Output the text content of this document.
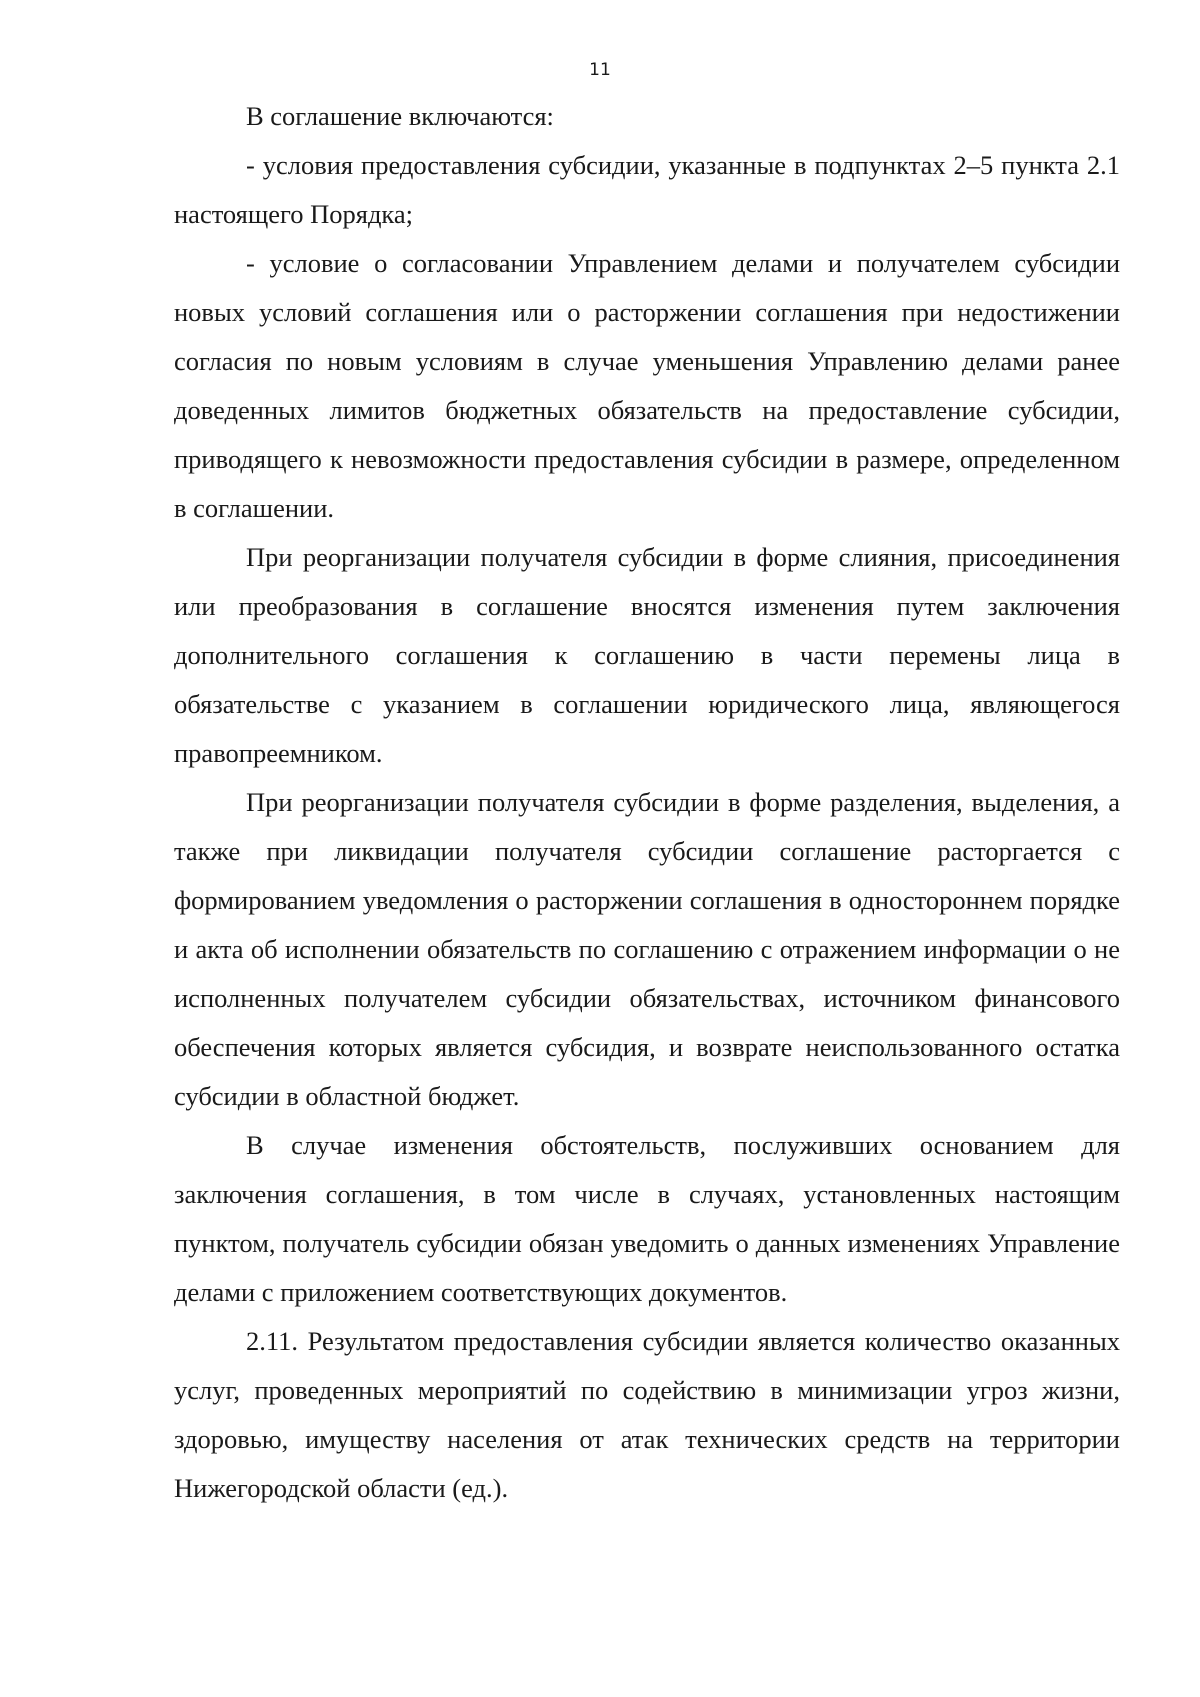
11

В соглашение включаются:

- условия предоставления субсидии, указанные в подпунктах 2–5 пункта 2.1 настоящего Порядка;

- условие о согласовании Управлением делами и получателем субсидии новых условий соглашения или о расторжении соглашения при недостижении согласия по новым условиям в случае уменьшения Управлению делами ранее доведенных лимитов бюджетных обязательств на предоставление субсидии, приводящего к невозможности предоставления субсидии в размере, определенном в соглашении.

При реорганизации получателя субсидии в форме слияния, присоединения или преобразования в соглашение вносятся изменения путем заключения дополнительного соглашения к соглашению в части перемены лица в обязательстве с указанием в соглашении юридического лица, являющегося правопреемником.

При реорганизации получателя субсидии в форме разделения, выделения, а также при ликвидации получателя субсидии соглашение расторгается с формированием уведомления о расторжении соглашения в одностороннем порядке и акта об исполнении обязательств по соглашению с отражением информации о не исполненных получателем субсидии обязательствах, источником финансового обеспечения которых является субсидия, и возврате неиспользованного остатка субсидии в областной бюджет.

В случае изменения обстоятельств, послуживших основанием для заключения соглашения, в том числе в случаях, установленных настоящим пунктом, получатель субсидии обязан уведомить о данных изменениях Управление делами с приложением соответствующих документов.

2.11. Результатом предоставления субсидии является количество оказанных услуг, проведенных мероприятий по содействию в минимизации угроз жизни, здоровью, имуществу населения от атак технических средств на территории Нижегородской области (ед.).
